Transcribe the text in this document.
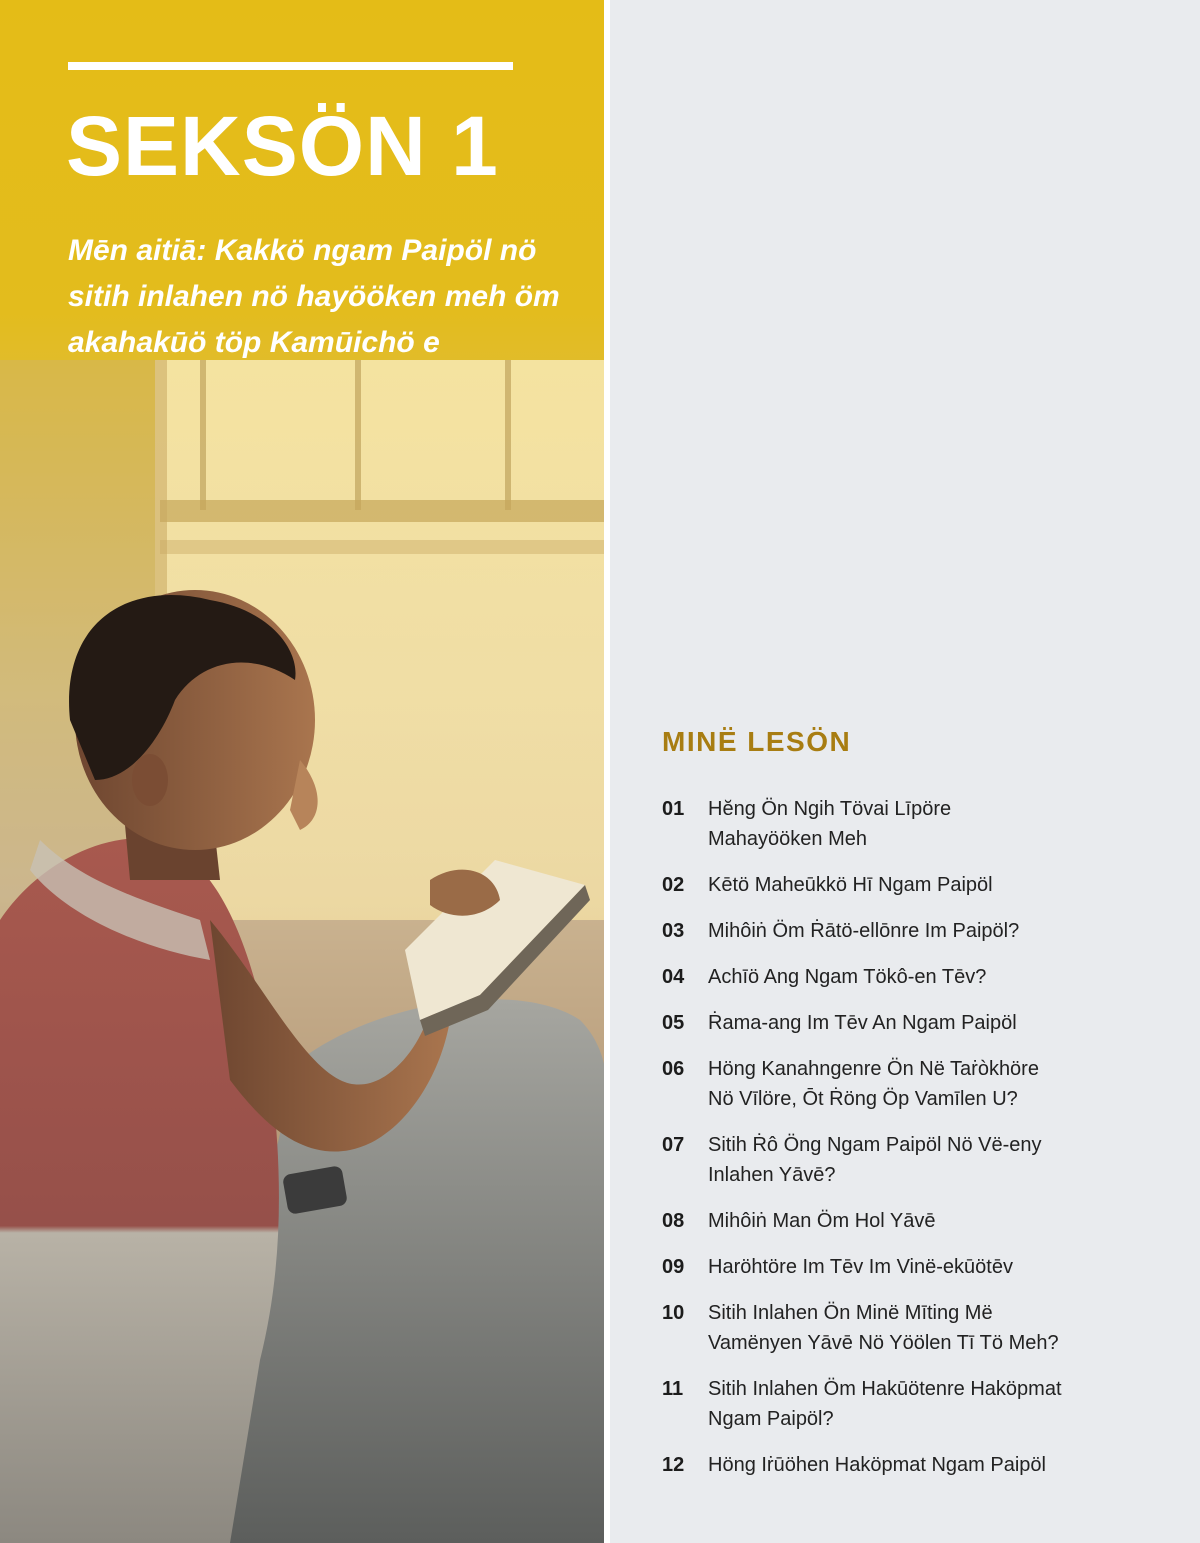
SEKSÖN 1
Mēn aitiā: Kakkö ngam Paipöl nö sitih inlahen nö hayööken meh öm akahakūö töp Kamūichö e
MINË LESÖN
01	Hĕng Ön Ngih Tövai Līpöre
Mahayööken Meh
02	Kētö Maheūkkö Hī Ngam Paipöl
03	Mihôiṅ Öm Ṙātö-ellōnre Im Paipöl?
04	Achīö Ang Ngam Tökô-en Tēv?
05	Ṙama-ang Im Tēv An Ngam Paipöl
06	Höng Kanahngenre Ön Në Taṙòkhöre
Nö Vīlöre, Ōt Ṙöng Öp Vamīlen U?
07	Sitih Ṙô Öng Ngam Paipöl Nö Vë-eny
Inlahen Yāvē?
08	Mihôiṅ Man Öm Hol Yāvē
09	Haröhtöre Im Tēv Im Vinë-ekūötēv
10	Sitih Inlahen Ön Minë Mīting Më
Vamënyen Yāvē Nö Yöölen Tī Tö Meh?
11	Sitih Inlahen Öm Hakūötenre Haköpmat
Ngam Paipöl?
12	Höng Iṙūöhen Haköpmat Ngam Paipöl
